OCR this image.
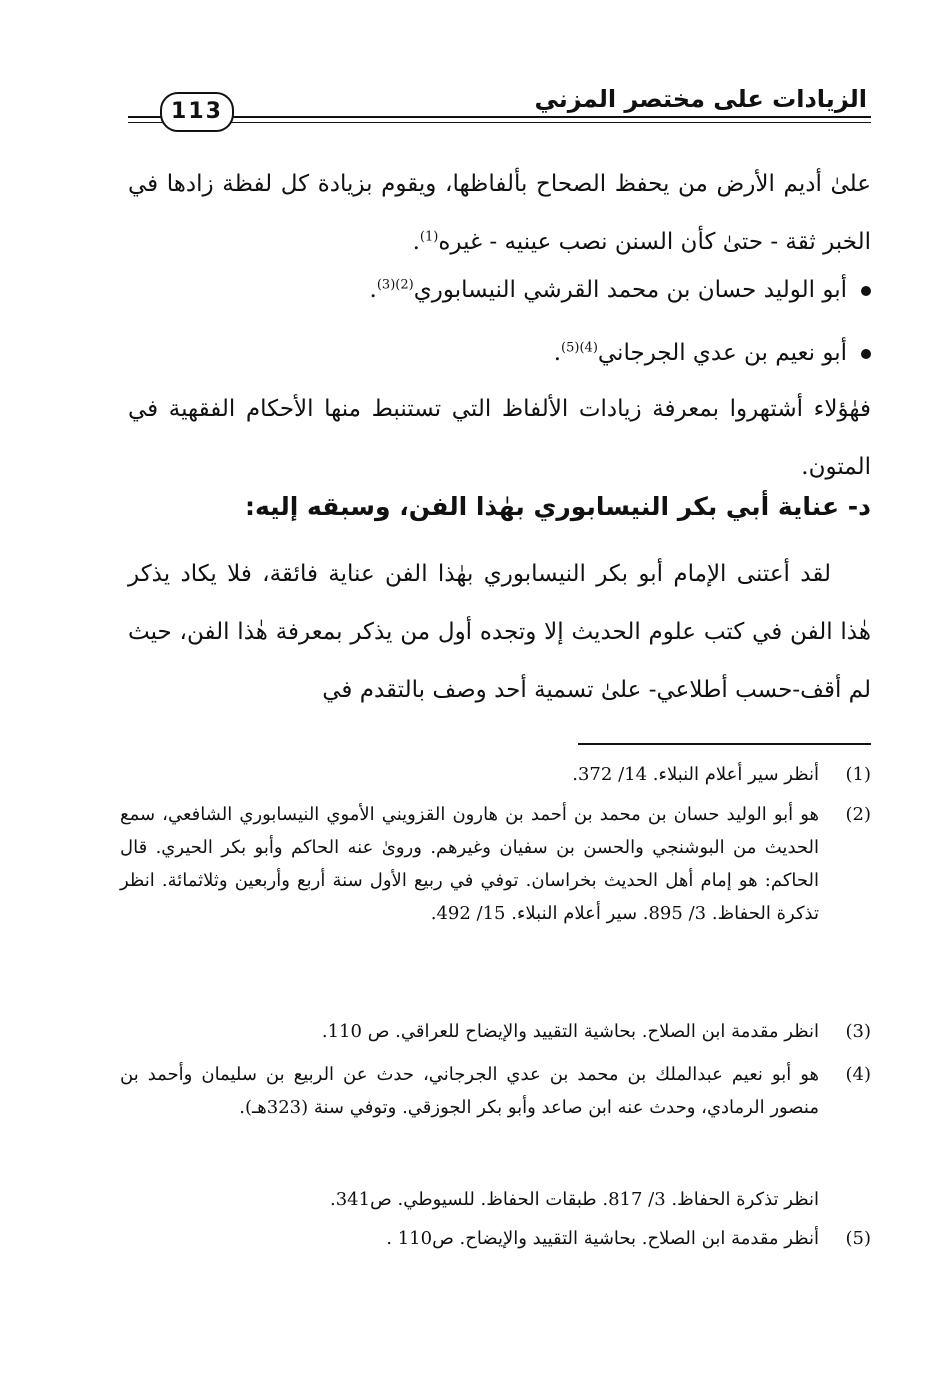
الزيادات على مختصر المزني
113
علىٰ أديم الأرض من يحفظ الصحاح بألفاظها، ويقوم بزيادة كل لفظة زادها في الخبر ثقة - حتىٰ كأن السنن نصب عينيه - غيره$^{(1)}$.
أبو الوليد حسان بن محمد القرشي النيسابوري$^{(2)(3)}$.
أبو نعيم بن عدي الجرجاني$^{(4)(5)}$.
فهٰؤلاء أشتهروا بمعرفة زيادات الألفاظ التي تستنبط منها الأحكام الفقهية في المتون.
د- عناية أبي بكر النيسابوري بهٰذا الفن، وسبقه إليه:
لقد أعتنى الإمام أبو بكر النيسابوري بهٰذا الفن عناية فائقة، فلا يكاد يذكر هٰذا الفن في كتب علوم الحديث إلا وتجده أول من يذكر بمعرفة هٰذا الفن، حيث لم أقف-حسب أطلاعي- علىٰ تسمية أحد وصف بالتقدم في
(1)
أنظر سير أعلام النبلاء. 14/ 372.
(2)
هو أبو الوليد حسان بن محمد بن أحمد بن هارون القزويني الأموي النيسابوري الشافعي، سمع الحديث من البوشنجي والحسن بن سفيان وغيرهم. وروىٰ عنه الحاكم وأبو بكر الحيري. قال الحاكم: هو إمام أهل الحديث بخراسان. توفي في ربيع الأول سنة أربع وأربعين وثلاثمائة. انظر تذكرة الحفاظ. 3/ 895. سير أعلام النبلاء. 15/ 492.
(3)
انظر مقدمة ابن الصلاح. بحاشية التقييد والإيضاح للعراقي. ص 110.
(4)
هو أبو نعيم عبدالملك بن محمد بن عدي الجرجاني، حدث عن الربيع بن سليمان وأحمد بن منصور الرمادي، وحدث عنه ابن صاعد وأبو بكر الجوزقي. وتوفي سنة (323هـ).
انظر تذكرة الحفاظ. 3/ 817. طبقات الحفاظ. للسيوطي. ص341.
(5)
أنظر مقدمة ابن الصلاح. بحاشية التقييد والإيضاح. ص110 .
